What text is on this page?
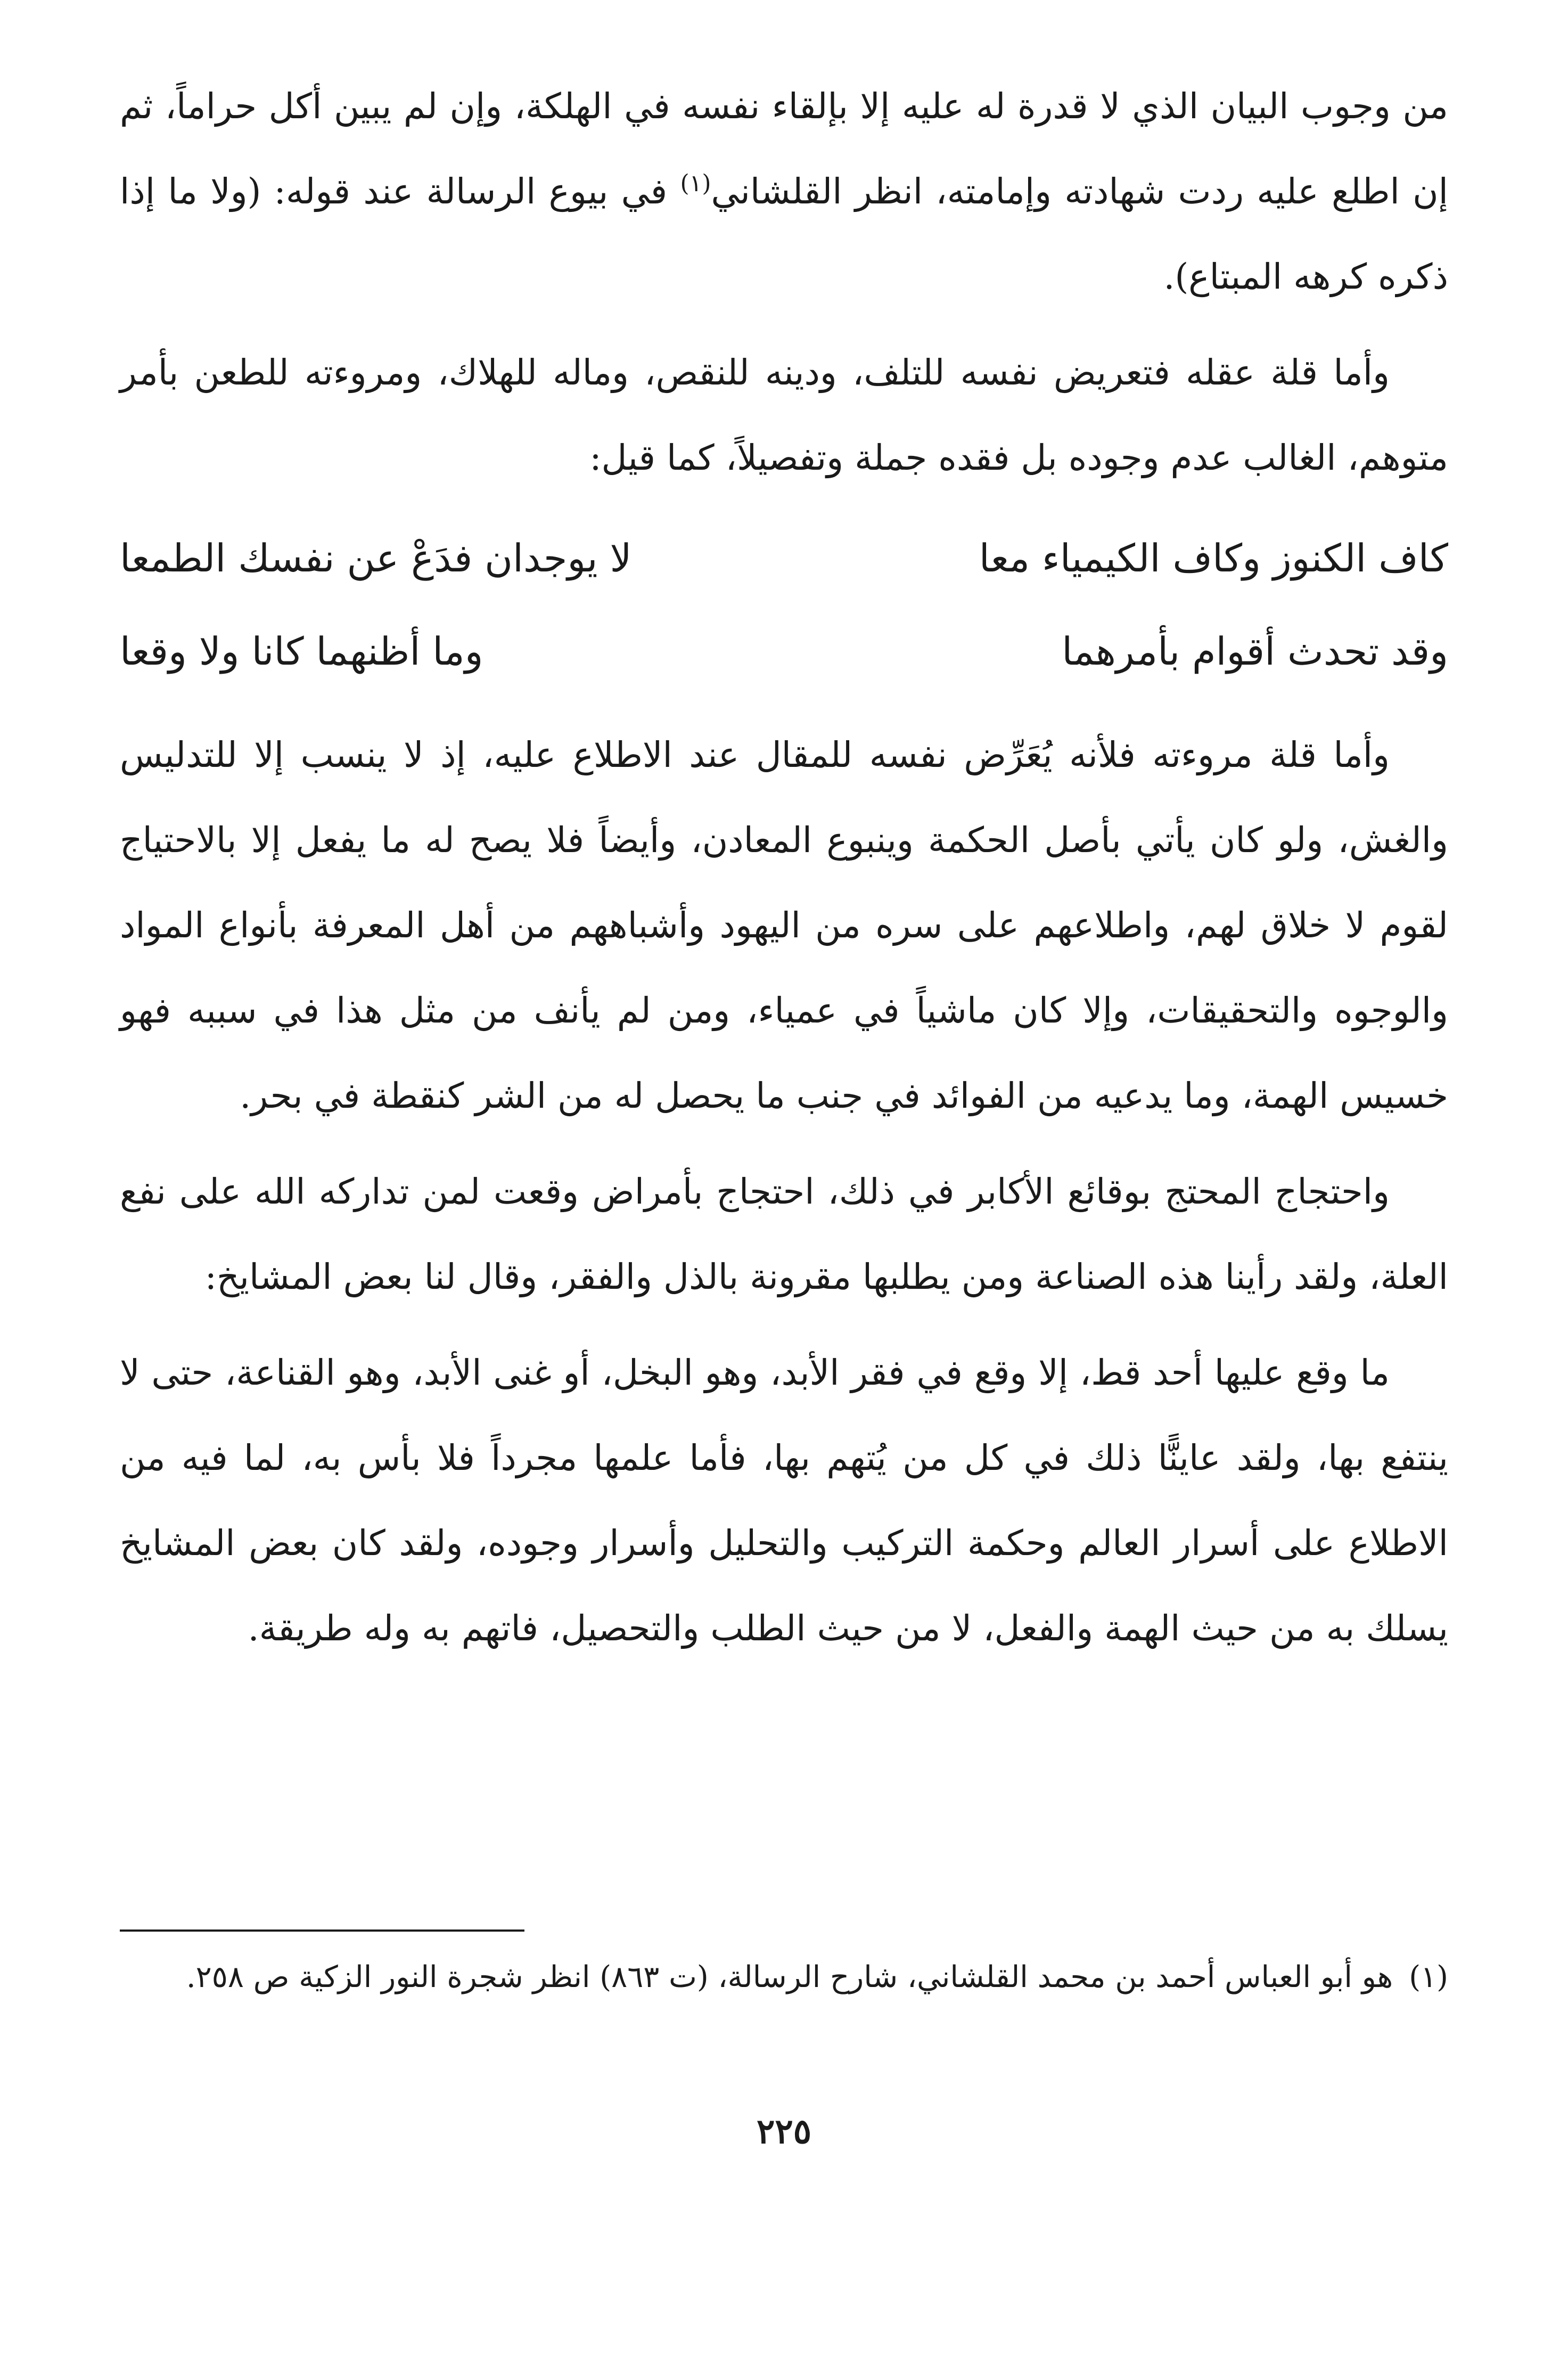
من وجوب البيان الذي لا قدرة له عليه إلا بإلقاء نفسه في الهلكة، وإن لم يبين أكل حراماً، ثم إن اطلع عليه ردت شهادته وإمامته، انظر القلشاني$^{(١)}$ في بيوع الرسالة عند قوله: (ولا ما إذا ذكره كرهه المبتاع).

وأما قلة عقله فتعريض نفسه للتلف، ودينه للنقص، وماله للهلاك، ومروءته للطعن بأمر متوهم، الغالب عدم وجوده بل فقده جملة وتفصيلاً، كما قيل:

كاف الكنوز وكاف الكيمياء معا
لا يوجدان فدَعْ عن نفسك الطمعا
وقد تحدث أقوام بأمرهما
وما أظنهما كانا ولا وقعا

وأما قلة مروءته فلأنه يُعَرِّض نفسه للمقال عند الاطلاع عليه، إذ لا ينسب إلا للتدليس والغش، ولو كان يأتي بأصل الحكمة وينبوع المعادن، وأيضاً فلا يصح له ما يفعل إلا بالاحتياج لقوم لا خلاق لهم، واطلاعهم على سره من اليهود وأشباههم من أهل المعرفة بأنواع المواد والوجوه والتحقيقات، وإلا كان ماشياً في عمياء، ومن لم يأنف من مثل هذا في سببه فهو خسيس الهمة، وما يدعيه من الفوائد في جنب ما يحصل له من الشر كنقطة في بحر.

واحتجاج المحتج بوقائع الأكابر في ذلك، احتجاج بأمراض وقعت لمن تداركه الله على نفع العلة، ولقد رأينا هذه الصناعة ومن يطلبها مقرونة بالذل والفقر، وقال لنا بعض المشايخ:

ما وقع عليها أحد قط، إلا وقع في فقر الأبد، وهو البخل، أو غنى الأبد، وهو القناعة، حتى لا ينتفع بها، ولقد عاينًّا ذلك في كل من يُتهم بها، فأما علمها مجرداً فلا بأس به، لما فيه من الاطلاع على أسرار العالم وحكمة التركيب والتحليل وأسرار وجوده، ولقد كان بعض المشايخ يسلك به من حيث الهمة والفعل، لا من حيث الطلب والتحصيل، فاتهم به وله طريقة.

(١)هو أبو العباس أحمد بن محمد القلشاني، شارح الرسالة، (ت ٨٦٣) انظر شجرة النور الزكية ص ٢٥٨.
٢٢٥
